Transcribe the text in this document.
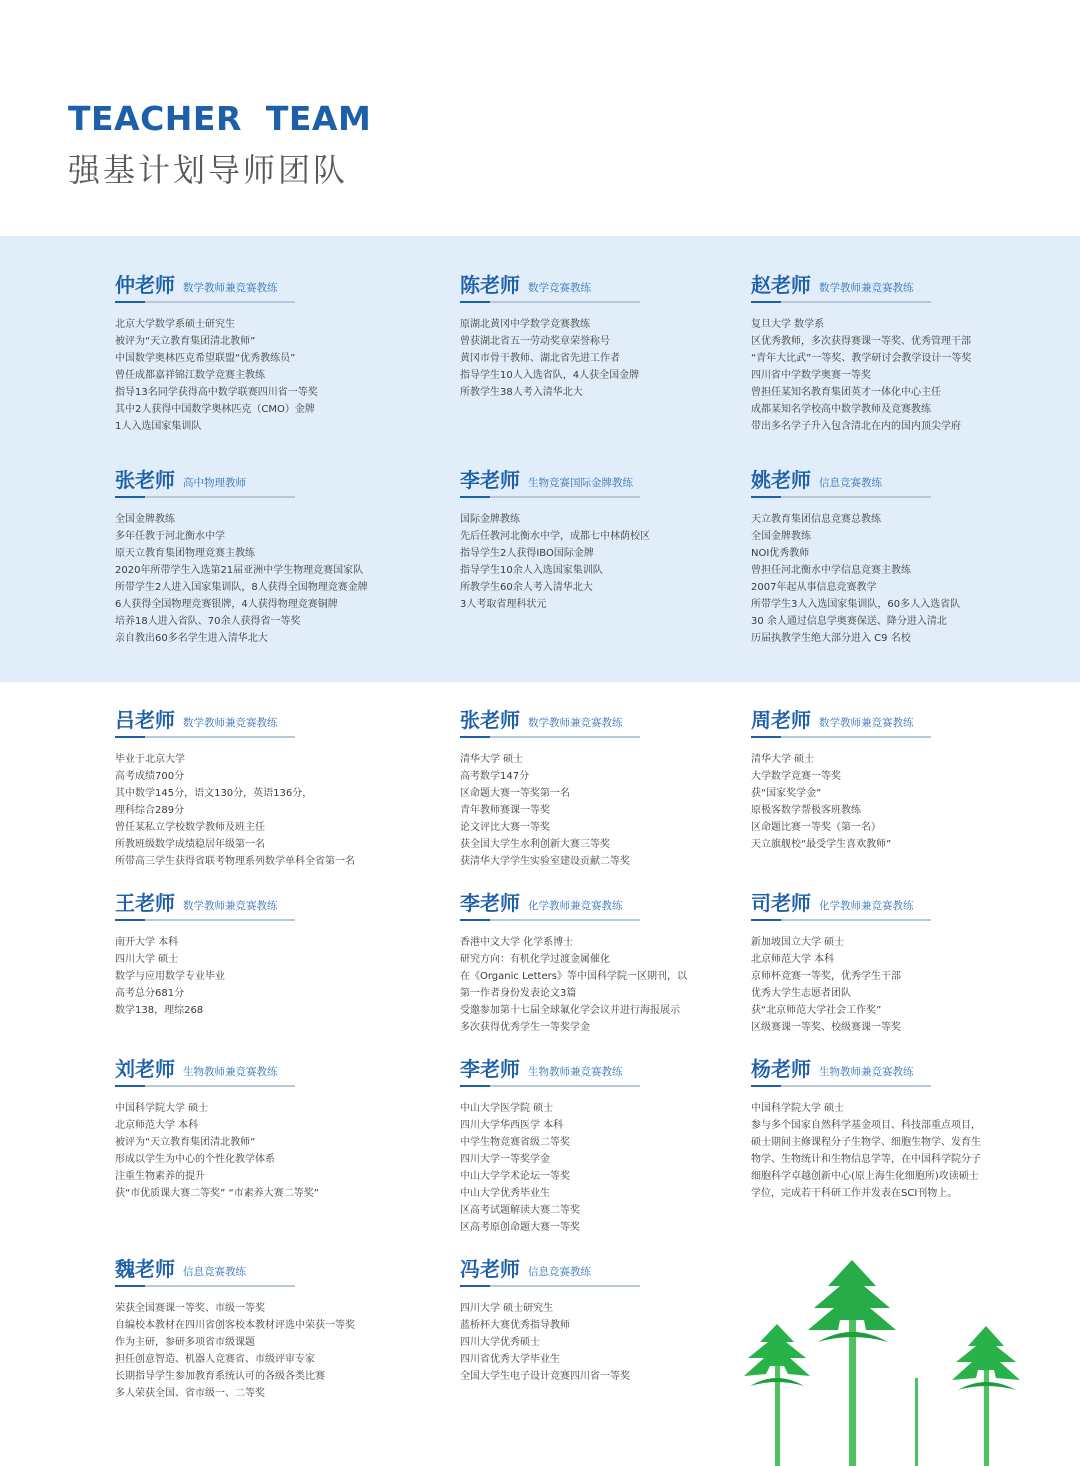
TEACHER  TEAM
强基计划导师团队
仲老师 数学教师兼竞赛教练
北京大学数学系硕士研究生
被评为“天立教育集团清北教师”
中国数学奥林匹克希望联盟“优秀教练员”
曾任成都嘉祥锦江数学竞赛主教练
指导13名同学获得高中数学联赛四川省一等奖
其中2人获得中国数学奥林匹克（CMO）金牌
1人入选国家集训队
陈老师 数学竞赛教练
原湖北黄冈中学数学竞赛教练
曾获湖北省五一劳动奖章荣誉称号
黄冈市骨干教师、湖北省先进工作者
指导学生10人入选省队，4人获全国金牌
所教学生38人考入清华北大
赵老师 数学教师兼竞赛教练
复旦大学 数学系
区优秀教师，多次获得赛课一等奖、优秀管理干部
“青年大比武”一等奖、教学研讨会教学设计一等奖
四川省中学数学奥赛一等奖
曾担任某知名教育集团英才一体化中心主任
成都某知名学校高中数学教师及竞赛教练
带出多名学子升入包含清北在内的国内顶尖学府
张老师 高中物理教师
全国金牌教练
多年任教于河北衡水中学
原天立教育集团物理竞赛主教练
2020年所带学生入选第21届亚洲中学生物理竞赛国家队
所带学生2人进入国家集训队，8人获得全国物理竞赛金牌
6人获得全国物理竞赛银牌，4人获得物理竞赛铜牌
培养18人进入省队、70余人获得省一等奖
亲自教出60多名学生进入清华北大
李老师 生物竞赛国际金牌教练
国际金牌教练
先后任教河北衡水中学，成都七中林荫校区
指导学生2人获得IBO国际金牌
指导学生10余人入选国家集训队
所教学生60余人考入清华北大
3人考取省理科状元
姚老师 信息竞赛教练
天立教育集团信息竞赛总教练
全国金牌教练
NOI优秀教师
曾担任河北衡水中学信息竞赛主教练
2007年起从事信息竞赛教学
所带学生3人入选国家集训队，60多人入选省队
30 余人通过信息学奥赛保送、降分进入清北
历届执教学生绝大部分进入 C9 名校
吕老师 数学教师兼竞赛教练
毕业于北京大学
高考成绩700分
其中数学145分，语文130分，英语136分，
理科综合289分
曾任某私立学校数学教师及班主任
所教班级数学成绩稳居年级第一名
所带高三学生获得省联考物理系列数学单科全省第一名
张老师 数学教师兼竞赛教练
清华大学 硕士
高考数学147分
区命题大赛一等奖第一名
青年教师赛课一等奖
论文评比大赛一等奖
获全国大学生水利创新大赛三等奖
获清华大学学生实验室建设贡献二等奖
周老师 数学教师兼竞赛教练
清华大学 硕士
大学数学竞赛一等奖
获“国家奖学金”
原极客数学帮极客班教练
区命题比赛一等奖（第一名）
天立旗舰校“最受学生喜欢教师”
王老师 数学教师兼竞赛教练
南开大学 本科
四川大学 硕士
数学与应用数学专业毕业
高考总分681分
数学138，理综268
李老师 化学教师兼竞赛教练
香港中文大学 化学系博士
研究方向：有机化学过渡金属催化
在《Organic Letters》等中国科学院一区期刊，以
第一作者身份发表论文3篇
受邀参加第十七届全球氟化学会议并进行海报展示
多次获得优秀学生一等奖学金
司老师 化学教师兼竞赛教练
新加坡国立大学 硕士
北京师范大学 本科
京师杯竞赛一等奖，优秀学生干部
优秀大学生志愿者团队
获“北京师范大学社会工作奖”
区级赛课一等奖、校级赛课一等奖
刘老师 生物教师兼竞赛教练
中国科学院大学 硕士
北京师范大学 本科
被评为“天立教育集团清北教师”
形成以学生为中心的个性化教学体系
注重生物素养的提升
获“市优质课大赛二等奖” “市素养大赛二等奖”
李老师 生物教师兼竞赛教练
中山大学医学院 硕士
四川大学华西医学 本科
中学生物竞赛省级二等奖
四川大学一等奖学金
中山大学学术论坛一等奖
中山大学优秀毕业生
区高考试题解读大赛二等奖
区高考原创命题大赛一等奖
杨老师 生物教师兼竞赛教练
中国科学院大学 硕士
参与多个国家自然科学基金项目、科技部重点项目，
硕士期间主修课程分子生物学、细胞生物学、发育生
物学、生物统计和生物信息学等，在中国科学院分子
细胞科学卓越创新中心(原上海生化细胞所)攻读硕士
学位，完成若干科研工作并发表在SCI刊物上。
魏老师 信息竞赛教练
荣获全国赛课一等奖、市级一等奖
自编校本教材在四川省创客校本教材评选中荣获一等奖
作为主研，参研多项省市级课题
担任创意智造、机器人竞赛省、市级评审专家
长期指导学生参加教育系统认可的各级各类比赛
多人荣获全国、省市级一、二等奖
冯老师 信息竞赛教练
四川大学 硕士研究生
蓝桥杯大赛优秀指导教师
四川大学优秀硕士
四川省优秀大学毕业生
全国大学生电子设计竞赛四川省一等奖
